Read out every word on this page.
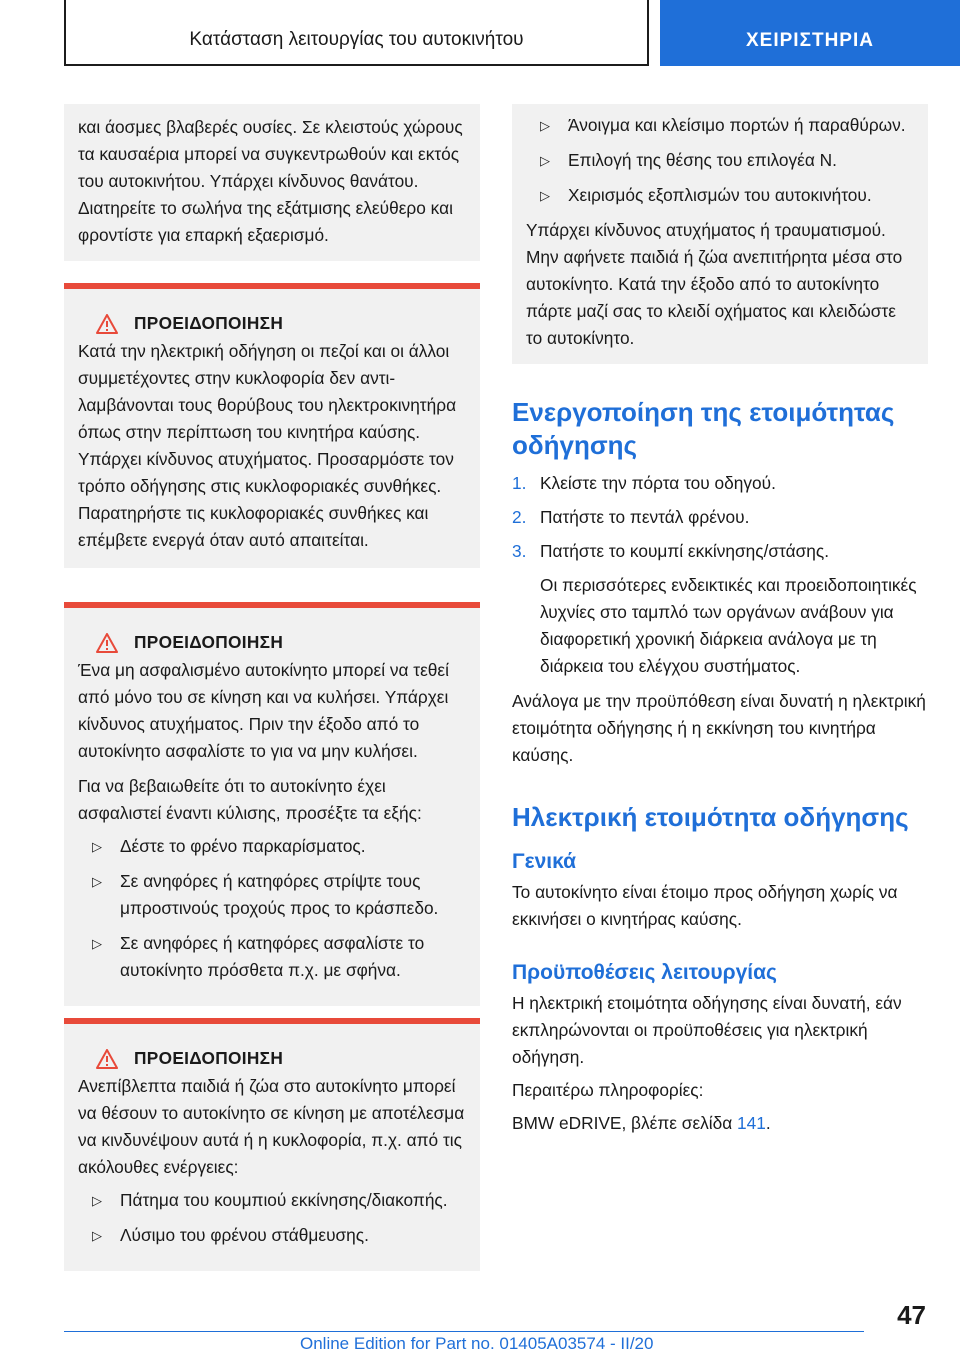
Κατάσταση λειτουργίας του αυτοκινήτου	ΧΕΙΡΙΣΤΗΡΙΑ

και άοσμες βλαβερές ουσίες. Σε κλειστούς χώρους τα καυσαέρια μπορεί να συγκεντρωθούν και εκτός του αυτοκινήτου. Υπάρχει κίνδυνος θανάτου. Διατηρείτε το σωλήνα της εξάτμισης ελεύθερο και φροντίστε για επαρκή εξαερισμό.

ΠΡΟΕΙΔΟΠΟΙΗΣΗ

Κατά την ηλεκτρική οδήγηση οι πεζοί και οι άλλοι συμμετέχοντες στην κυκλοφορία δεν αντιλαμβάνονται τους θορύβους του ηλεκτροκινητήρα όπως στην περίπτωση του κινητήρα καύσης. Υπάρχει κίνδυνος ατυχήματος. Προσαρμόστε τον τρόπο οδήγησης στις κυκλοφοριακές συνθήκες. Παρατηρήστε τις κυκλοφοριακές συνθήκες και επέμβετε ενεργά όταν αυτό απαιτείται.

ΠΡΟΕΙΔΟΠΟΙΗΣΗ

Ένα μη ασφαλισμένο αυτοκίνητο μπορεί να τεθεί από μόνο του σε κίνηση και να κυλήσει. Υπάρχει κίνδυνος ατυχήματος. Πριν την έξοδο από το αυτοκίνητο ασφαλίστε το για να μην κυλήσει.

Για να βεβαιωθείτε ότι το αυτοκίνητο έχει ασφαλιστεί έναντι κύλισης, προσέξτε τα εξής:

▷ Δέστε το φρένο παρκαρίσματος.
▷ Σε ανηφόρες ή κατηφόρες στρίψτε τους μπροστινούς τροχούς προς το κράσπεδο.
▷ Σε ανηφόρες ή κατηφόρες ασφαλίστε το αυτοκίνητο πρόσθετα π.χ. με σφήνα.
ΠΡΟΕΙΔΟΠΟΙΗΣΗ

Ανεπίβλεπτα παιδιά ή ζώα στο αυτοκίνητο μπορεί να θέσουν το αυτοκίνητο σε κίνηση με αποτέλεσμα να κινδυνέψουν αυτά ή η κυκλοφορία, π.χ. από τις ακόλουθες ενέργειες:

▷ Πάτημα του κουμπιού εκκίνησης/διακοπής.
▷ Λύσιμο του φρένου στάθμευσης.
▷ Άνοιγμα και κλείσιμο πορτών ή παραθύρων.
▷ Επιλογή της θέσης του επιλογέα N.
▷ Χειρισμός εξοπλισμών του αυτοκινήτου.

Υπάρχει κίνδυνος ατυχήματος ή τραυματισμού. Μην αφήνετε παιδιά ή ζώα ανεπιτήρητα μέσα στο αυτοκίνητο. Κατά την έξοδο από το αυτοκίνητο πάρτε μαζί σας το κλειδί οχήματος και κλειδώστε το αυτοκίνητο.

Ενεργοποίηση της ετοιμότητας οδήγησης
1. Κλείστε την πόρτα του οδηγού.
2. Πατήστε το πεντάλ φρένου.
3. Πατήστε το κουμπί εκκίνησης/στάσης.

Οι περισσότερες ενδεικτικές και προειδοποιητικές λυχνίες στο ταμπλό των οργάνων ανάβουν για διαφορετική χρονική διάρκεια ανάλογα με τη διάρκεια του ελέγχου συστήματος.

Ανάλογα με την προϋπόθεση είναι δυνατή η ηλεκτρική ετοιμότητα οδήγησης ή η εκκίνηση του κινητήρα καύσης.

Ηλεκτρική ετοιμότητα οδήγησης
Γενικά

Το αυτοκίνητο είναι έτοιμο προς οδήγηση χωρίς να εκκινήσει ο κινητήρας καύσης.

Προϋποθέσεις λειτουργίας

Η ηλεκτρική ετοιμότητα οδήγησης είναι δυνατή, εάν εκπληρώνονται οι προϋποθέσεις για ηλεκτρική οδήγηση.

Περαιτέρω πληροφορίες:

BMW eDRIVE, βλέπε σελίδα 141.

47
Online Edition for Part no. 01405A03574 - II/20
